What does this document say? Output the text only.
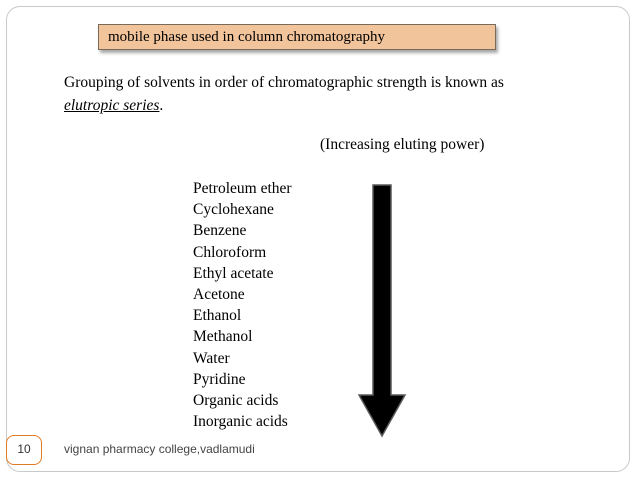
mobile phase used in column chromatography
Grouping of solvents in order of chromatographic strength is known as
elutropic series.
(Increasing eluting power)
Petroleum ether
Cyclohexane
Benzene
Chloroform
Ethyl acetate
Acetone
Ethanol
Methanol
Water
Pyridine
Organic acids
Inorganic acids
10	vignan pharmacy college,vadlamudi
